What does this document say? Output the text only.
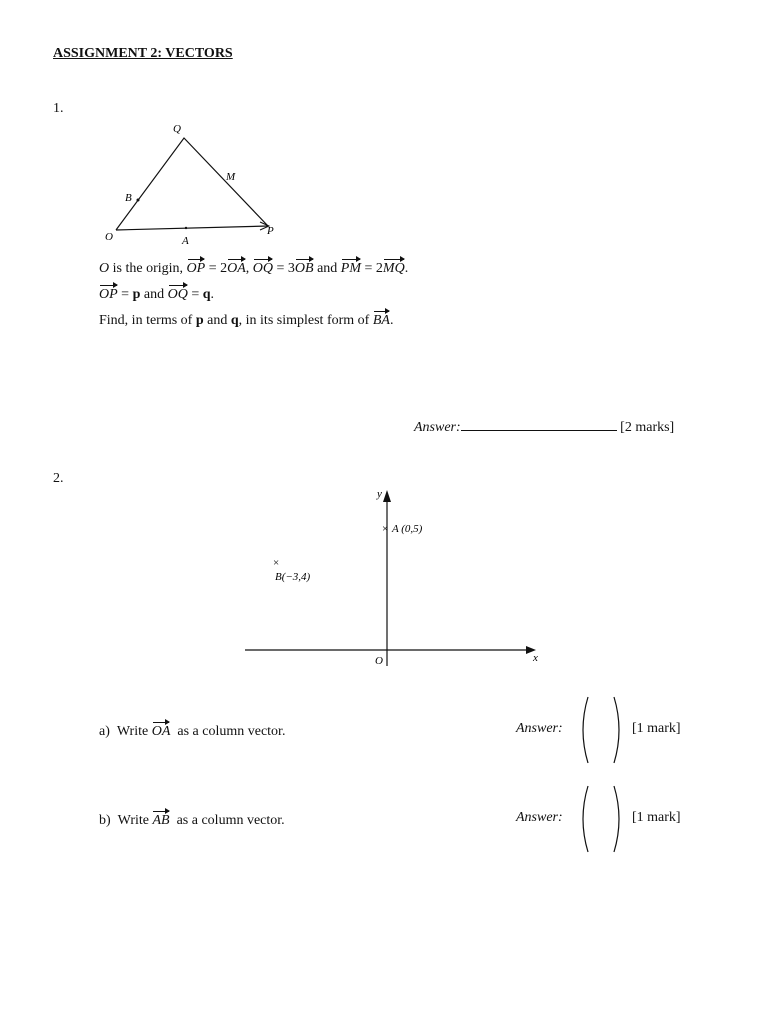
ASSIGNMENT 2: VECTORS
1.
Q
M
B
O	A
P
O is the origin, OP = 2OA, OQ = 3OB and PM = 2MQ.
OP = p and OQ = q.
Find, in terms of p and q, in its simplest form of BA.
Answer:	[2 marks]
2.
y
x
O
× A (0,5)
×
B(−3,4)
a) Write OA  as a column vector.	Answer:	[1 mark]
b) Write AB  as a column vector.	Answer:	[1 mark]
